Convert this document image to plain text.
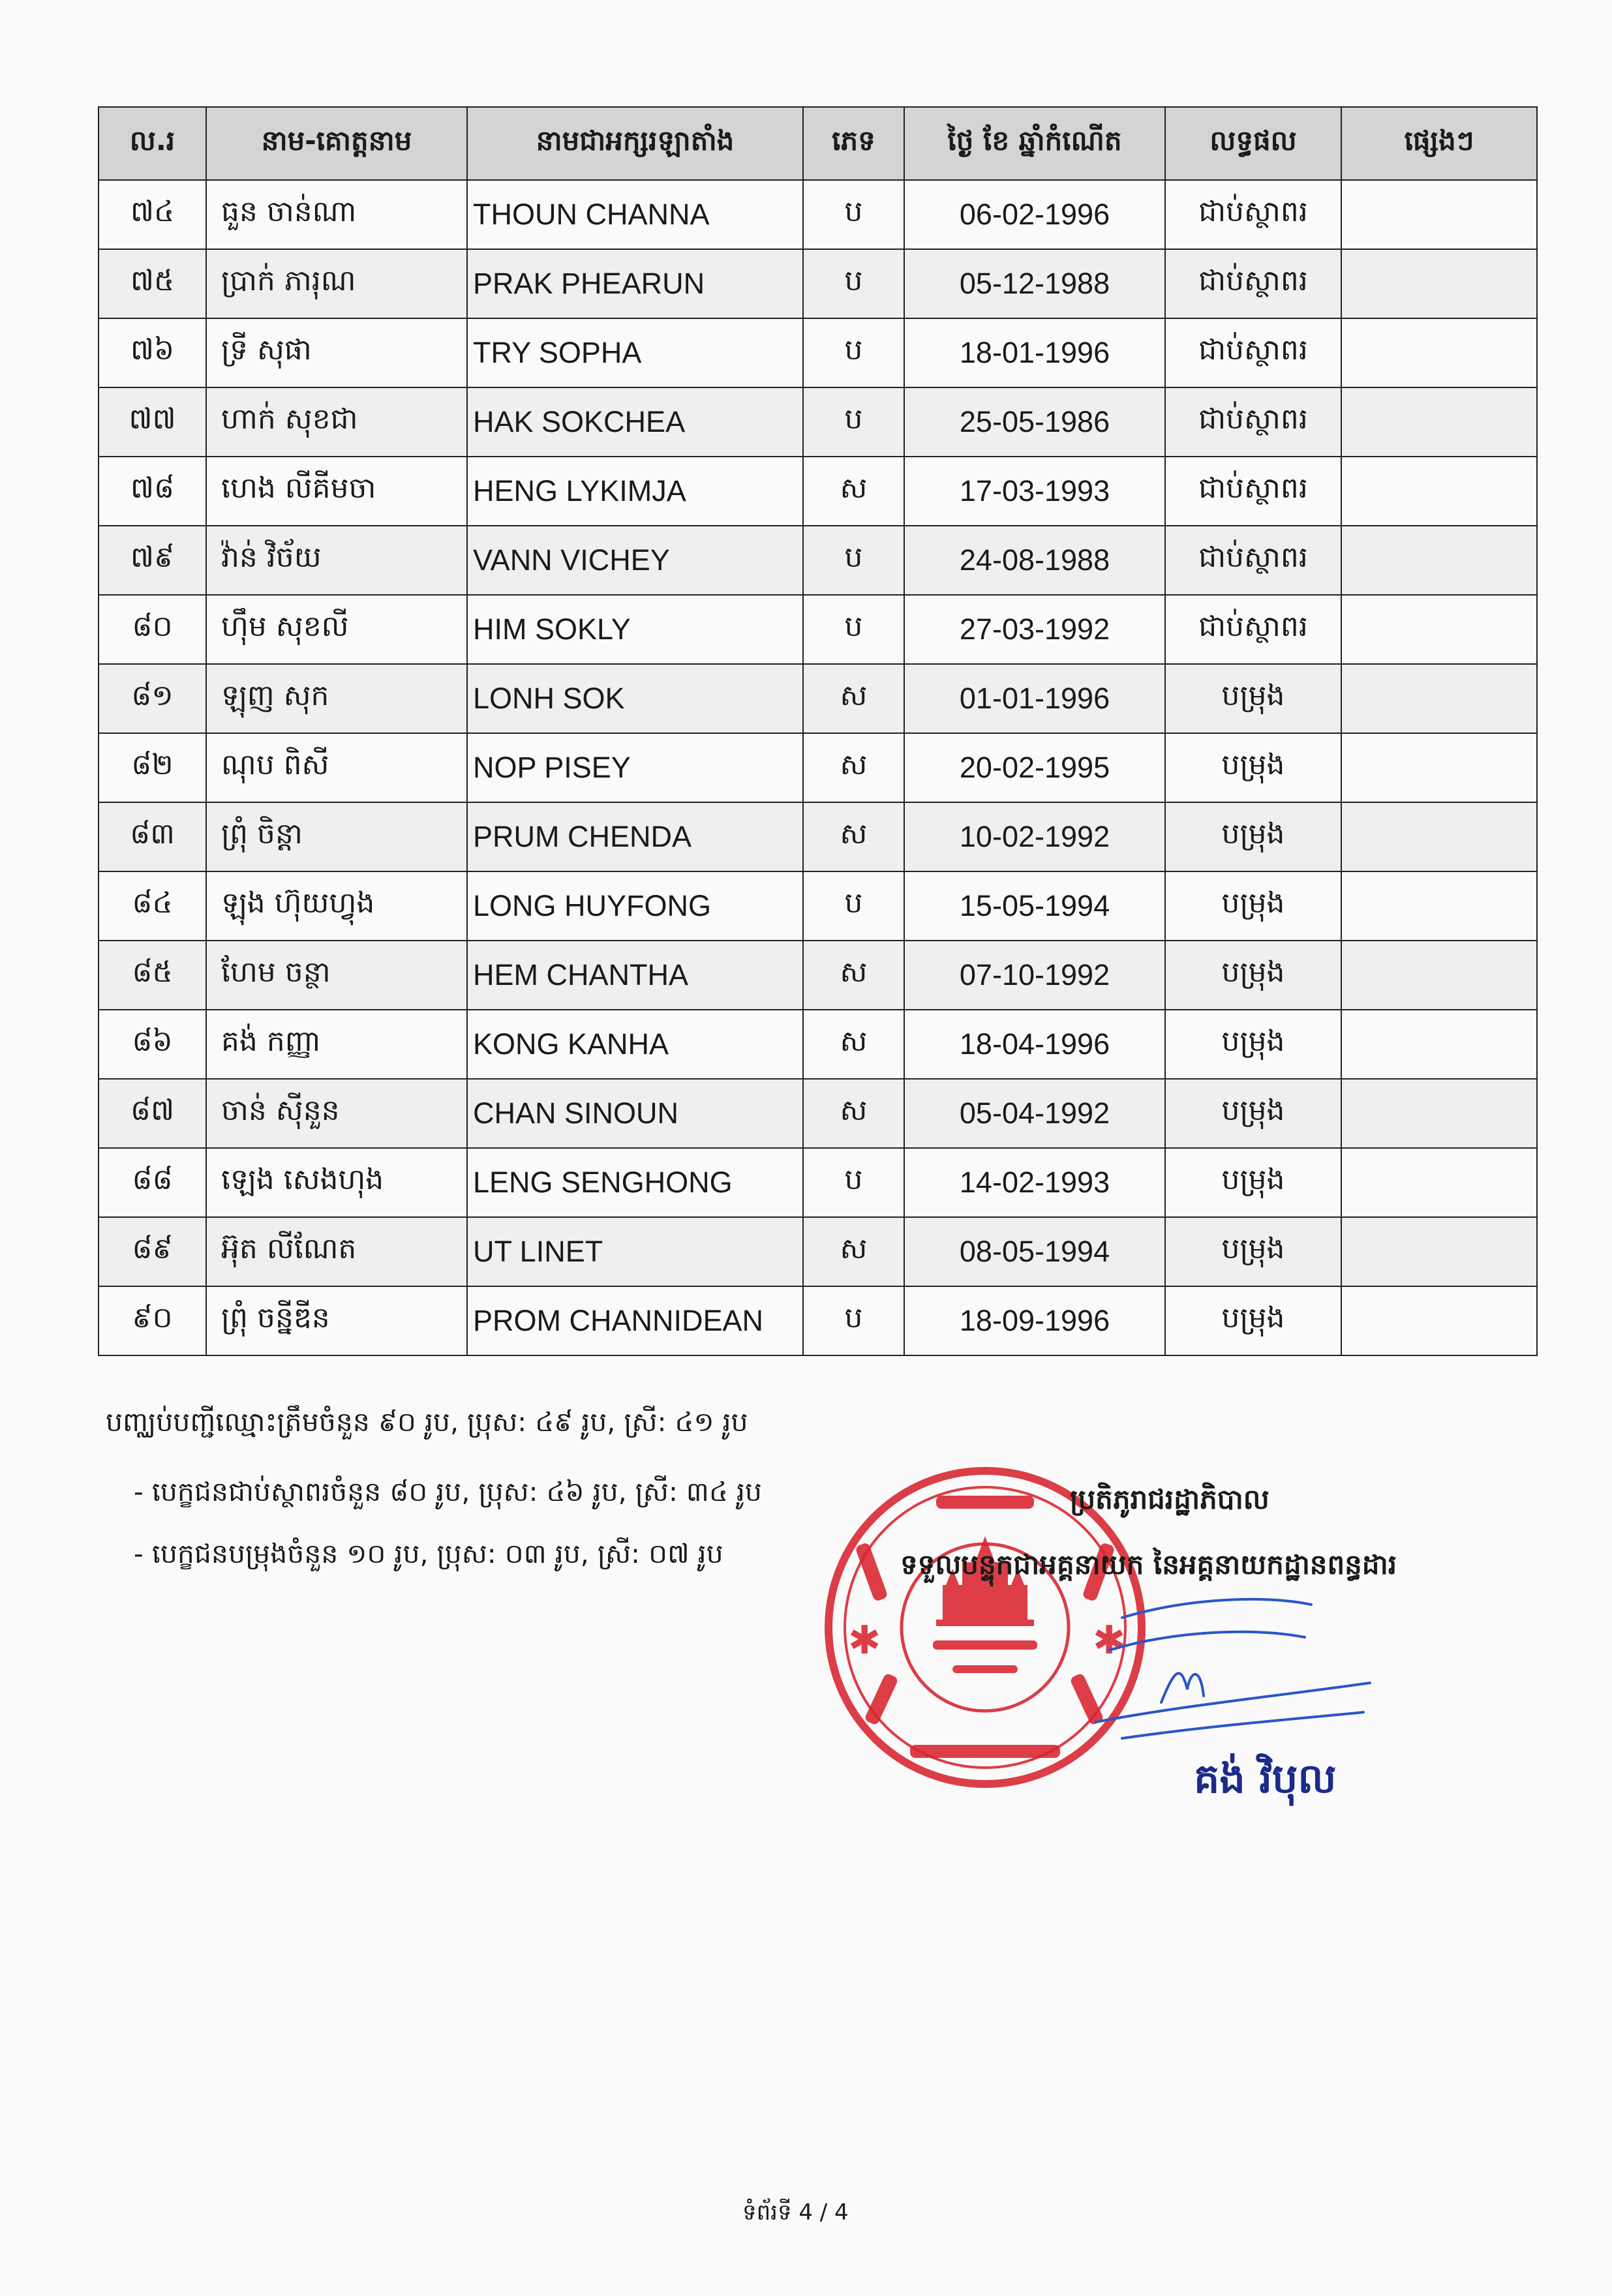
ល.រ	នាម-គោត្តនាម	នាមជាអក្សរឡាតាំង	ភេទ	ថ្ងៃ ខែ ឆ្នាំកំណើត	លទ្ធផល	ផ្សេងៗ
៧៤	ធួន ចាន់ណា	THOUN CHANNA	ប	06-02-1996	ជាប់ស្ថាពរ	
៧៥	ប្រាក់ ភារុណ	PRAK PHEARUN	ប	05-12-1988	ជាប់ស្ថាពរ	
៧៦	ទ្រី សុផា	TRY SOPHA	ប	18-01-1996	ជាប់ស្ថាពរ	
៧៧	ហាក់ សុខជា	HAK SOKCHEA	ប	25-05-1986	ជាប់ស្ថាពរ	
៧៨	ហេង លីគីមចា	HENG LYKIMJA	ស	17-03-1993	ជាប់ស្ថាពរ	
៧៩	វ៉ាន់ វិច័យ	VANN VICHEY	ប	24-08-1988	ជាប់ស្ថាពរ	
៨០	ហ៊ឹម សុខលី	HIM SOKLY	ប	27-03-1992	ជាប់ស្ថាពរ	
៨១	ឡុញ សុក	LONH SOK	ស	01-01-1996	បម្រុង	
៨២	ណុប ពិសី	NOP PISEY	ស	20-02-1995	បម្រុង	
៨៣	ព្រុំ ចិន្តា	PRUM CHENDA	ស	10-02-1992	បម្រុង	
៨៤	ឡុង ហ៊ុយហ្វុង	LONG HUYFONG	ប	15-05-1994	បម្រុង	
៨៥	ហែម ចន្ថា	HEM CHANTHA	ស	07-10-1992	បម្រុង	
៨៦	គង់ កញ្ញា	KONG KANHA	ស	18-04-1996	បម្រុង	
៨៧	ចាន់ ស៊ីនួន	CHAN SINOUN	ស	05-04-1992	បម្រុង	
៨៨	ឡេង សេងហុង	LENG SENGHONG	ប	14-02-1993	បម្រុង	
៨៩	អ៊ុត លីណែត	UT LINET	ស	08-05-1994	បម្រុង	
៩០	ព្រុំ ចន្នីឌីន	PROM CHANNIDEAN	ប	18-09-1996	បម្រុង	
បញ្ឈប់បញ្ជីឈ្មោះត្រឹមចំនួន ៩០ រូប, ប្រុស: ៤៩ រូប, ស្រី: ៤១ រូប
- បេក្ខជនជាប់ស្ថាពរចំនួន ៨០ រូប, ប្រុស: ៤៦ រូប, ស្រី: ៣៤ រូប
- បេក្ខជនបម្រុងចំនួន ១០ រូប, ប្រុស: ០៣ រូប, ស្រី: ០៧ រូប
✱	✱
ប្រតិភូរាជរដ្ឋាភិបាល
ទទួលបន្ទុកជាអគ្គនាយក នៃអគ្គនាយកដ្ឋានពន្ធដារ
គង់ វិបុល
ទំព័រទី 4 / 4
